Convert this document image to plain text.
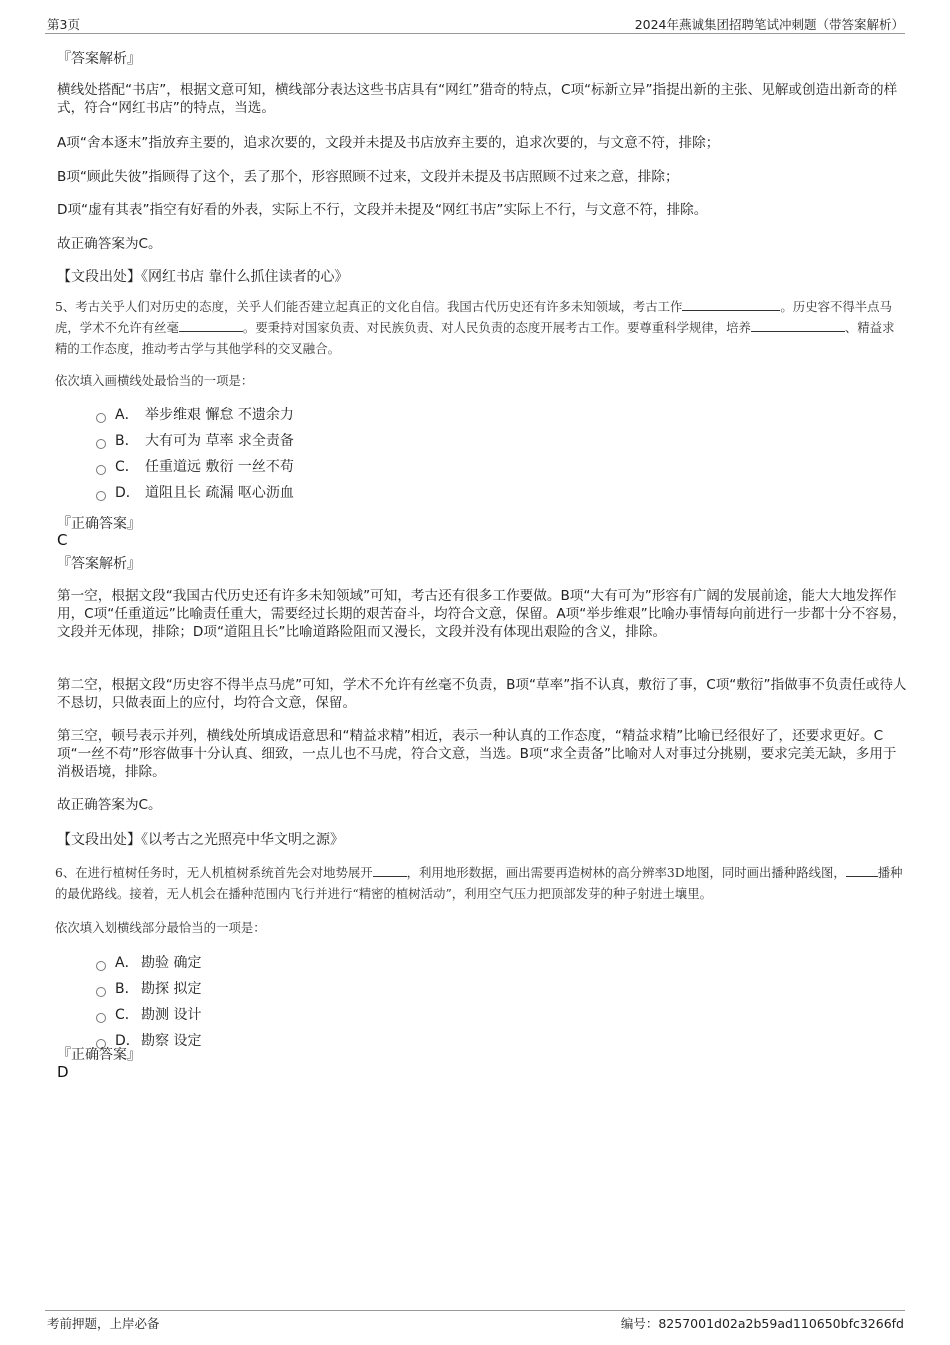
第3页	2024年燕诚集团招聘笔试冲刺题（带答案解析）
『答案解析』
横线处搭配“书店”，根据文意可知，横线部分表达这些书店具有“网红”猎奇的特点，C项“标新立异”指提出新的主张、见解或创造出新奇的样式，符合“网红书店”的特点，当选。
A项“舍本逐末”指放弃主要的，追求次要的，文段并未提及书店放弃主要的，追求次要的，与文意不符，排除；
B项“顾此失彼”指顾得了这个，丢了那个，形容照顾不过来，文段并未提及书店照顾不过来之意，排除；
D项“虚有其表”指空有好看的外表，实际上不行，文段并未提及“网红书店”实际上不行，与文意不符，排除。
故正确答案为C。
【文段出处】《网红书店 靠什么抓住读者的心》
5、考古关乎人们对历史的态度，关乎人们能否建立起真正的文化自信。我国古代历史还有许多未知领域，考古工作	。历史容不得半点马虎，学术不允许有丝毫	。要秉持对国家负责、对民族负责、对人民负责的态度开展考古工作。要尊重科学规律，培养	、精益求精的工作态度，推动考古学与其他学科的交叉融合。
依次填入画横线处最恰当的一项是：
A． 举步维艰 懈怠 不遗余力
B． 大有可为 草率 求全责备
C． 任重道远 敷衍 一丝不苟
D． 道阻且长 疏漏 呕心沥血
『正确答案』
C
『答案解析』
第一空，根据文段“我国古代历史还有许多未知领域”可知，考古还有很多工作要做。B项“大有可为”形容有广阔的发展前途，能大大地发挥作用，C项“任重道远”比喻责任重大，需要经过长期的艰苦奋斗，均符合文意，保留。A项“举步维艰”比喻办事情每向前进行一步都十分不容易，文段并无体现，排除；D项“道阻且长”比喻道路险阻而又漫长，文段并没有体现出艰险的含义，排除。
第二空，根据文段“历史容不得半点马虎”可知，学术不允许有丝毫不负责，B项“草率”指不认真，敷衍了事，C项“敷衍”指做事不负责任或待人不恳切，只做表面上的应付，均符合文意，保留。
第三空，顿号表示并列，横线处所填成语意思和“精益求精”相近，表示一种认真的工作态度，“精益求精”比喻已经很好了，还要求更好。C项“一丝不苟”形容做事十分认真、细致，一点儿也不马虎，符合文意，当选。B项“求全责备”比喻对人对事过分挑剔，要求完美无缺，多用于消极语境，排除。
故正确答案为C。
【文段出处】《以考古之光照亮中华文明之源》
6、在进行植树任务时，无人机植树系统首先会对地势展开	，利用地形数据，画出需要再造树林的高分辨率3D地图，同时画出播种路线图，	播种的最优路线。接着，无人机会在播种范围内飞行并进行“精密的植树活动”，利用空气压力把顶部发芽的种子射进土壤里。
依次填入划横线部分最恰当的一项是：
A． 勘验 确定
B． 勘探 拟定
C． 勘测 设计
D．勘察 设定
『正确答案』
D
考前押题，上岸必备	编号：8257001d02a2b59ad110650bfc3266fd
